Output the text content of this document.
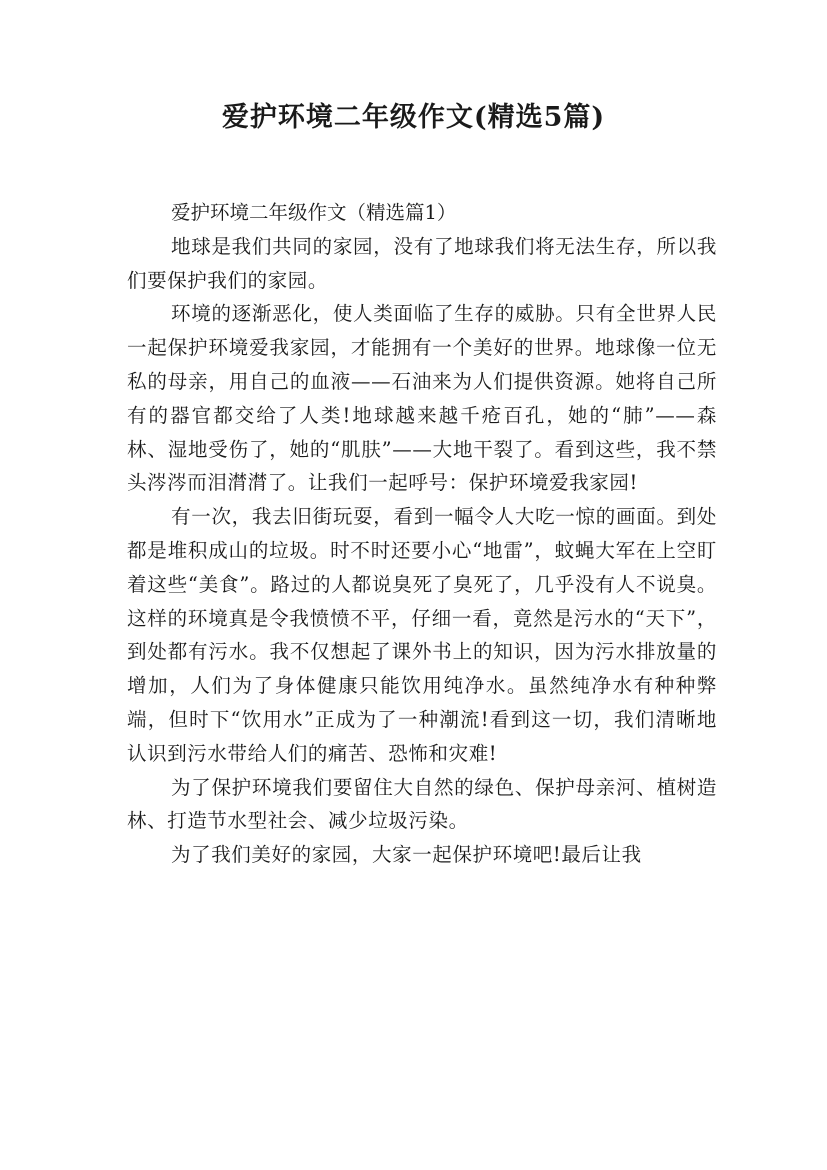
爱护环境二年级作文(精选5篇)

爱护环境二年级作文（精选篇1）

地球是我们共同的家园，没有了地球我们将无法生存，所以我们要保护我们的家园。

环境的逐渐恶化，使人类面临了生存的威胁。只有全世界人民一起保护环境爱我家园，才能拥有一个美好的世界。地球像一位无私的母亲，用自己的血液——石油来为人们提供资源。她将自己所有的器官都交给了人类!地球越来越千疮百孔，她的“肺”——森林、湿地受伤了，她的“肌肤”——大地干裂了。看到这些，我不禁头涔涔而泪潸潸了。让我们一起呼号：保护环境爱我家园!

有一次，我去旧街玩耍，看到一幅令人大吃一惊的画面。到处都是堆积成山的垃圾。时不时还要小心“地雷”，蚊蝇大军在上空盯着这些“美食”。路过的人都说臭死了臭死了，几乎没有人不说臭。这样的环境真是令我愤愤不平，仔细一看，竟然是污水的“天下”，到处都有污水。我不仅想起了课外书上的知识，因为污水排放量的增加，人们为了身体健康只能饮用纯净水。虽然纯净水有种种弊端，但时下“饮用水”正成为了一种潮流!看到这一切，我们清晰地认识到污水带给人们的痛苦、恐怖和灾难!

为了保护环境我们要留住大自然的绿色、保护母亲河、植树造林、打造节水型社会、减少垃圾污染。

为了我们美好的家园，大家一起保护环境吧!最后让我
